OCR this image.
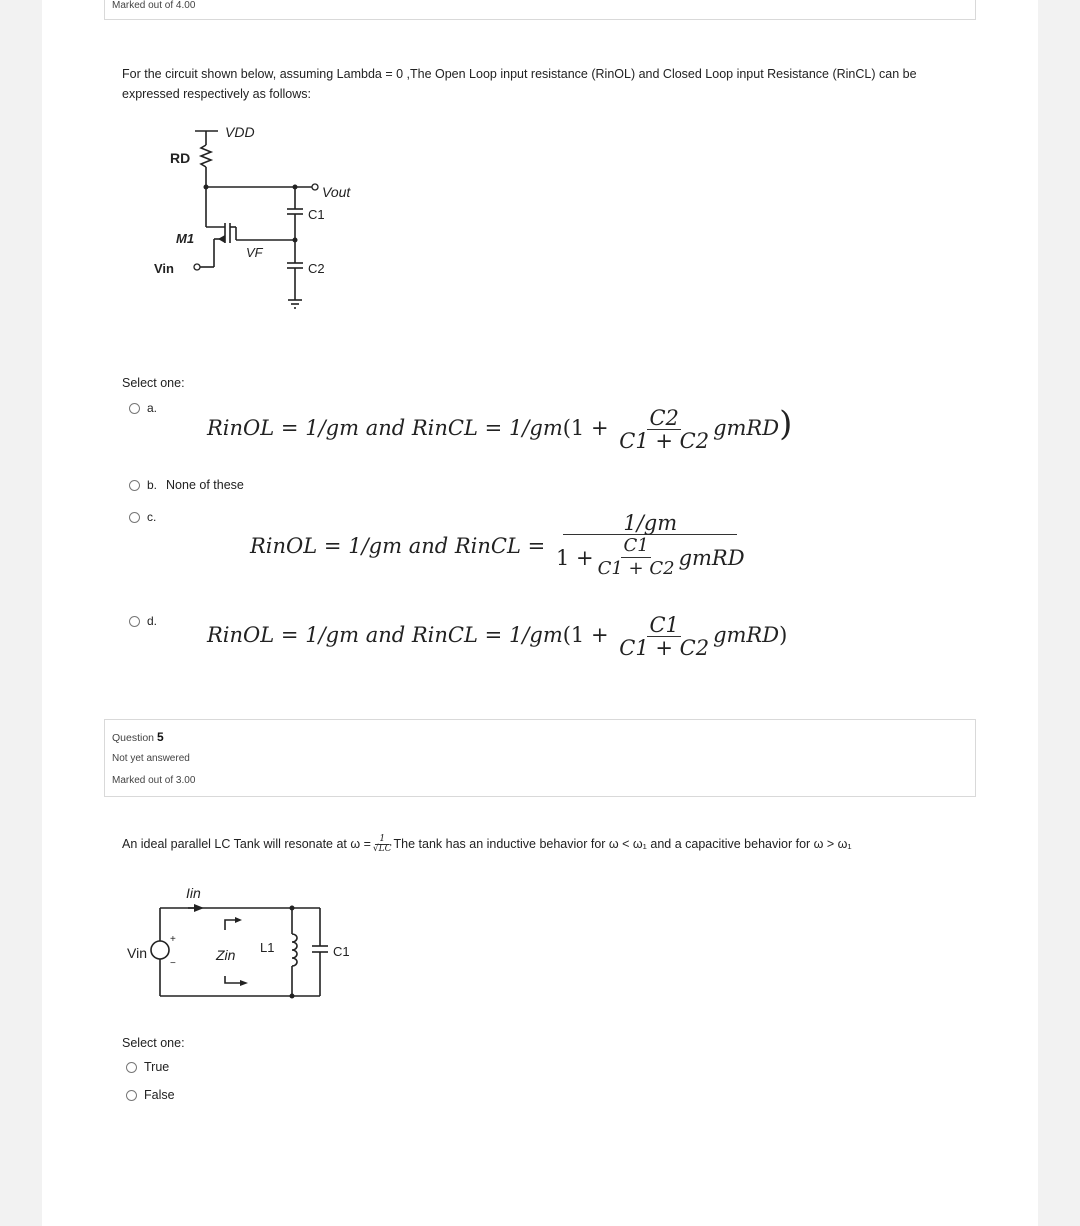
Marked out of 4.00
For the circuit shown below, assuming Lambda = 0 ,The Open Loop input resistance (RinOL) and Closed Loop input Resistance (RinCL) can be expressed respectively as follows:
VDD
RD
Vout
C1
M1
VF
Vin	C2
Select one:
a.
RinOL = 1/gm and RinCL = $1/gm(1 + \frac{C2}{C1 + C2}$ gmRD)
b. None of these
c.
RinOL
=
1/gm
and
RinCL
=
$\frac{1/gm}{1 + \frac{C1}{C1 + C2} gmRD}$
d.
RinOL = 1/gm and RinCL = $1/gm(1 + \frac{C1}{C1 + C2}$ gmRD)
Question 5
Not yet answered
Marked out of 3.00
An ideal parallel LC Tank will resonate at $\omega = \frac{1}{√LC}$ The tank has an inductive behavior for ω < ω₁ and a capacitive behavior for ω > ω₁
Iin
Vin
+
−
Zin L1	C1
Select one:
True
False
